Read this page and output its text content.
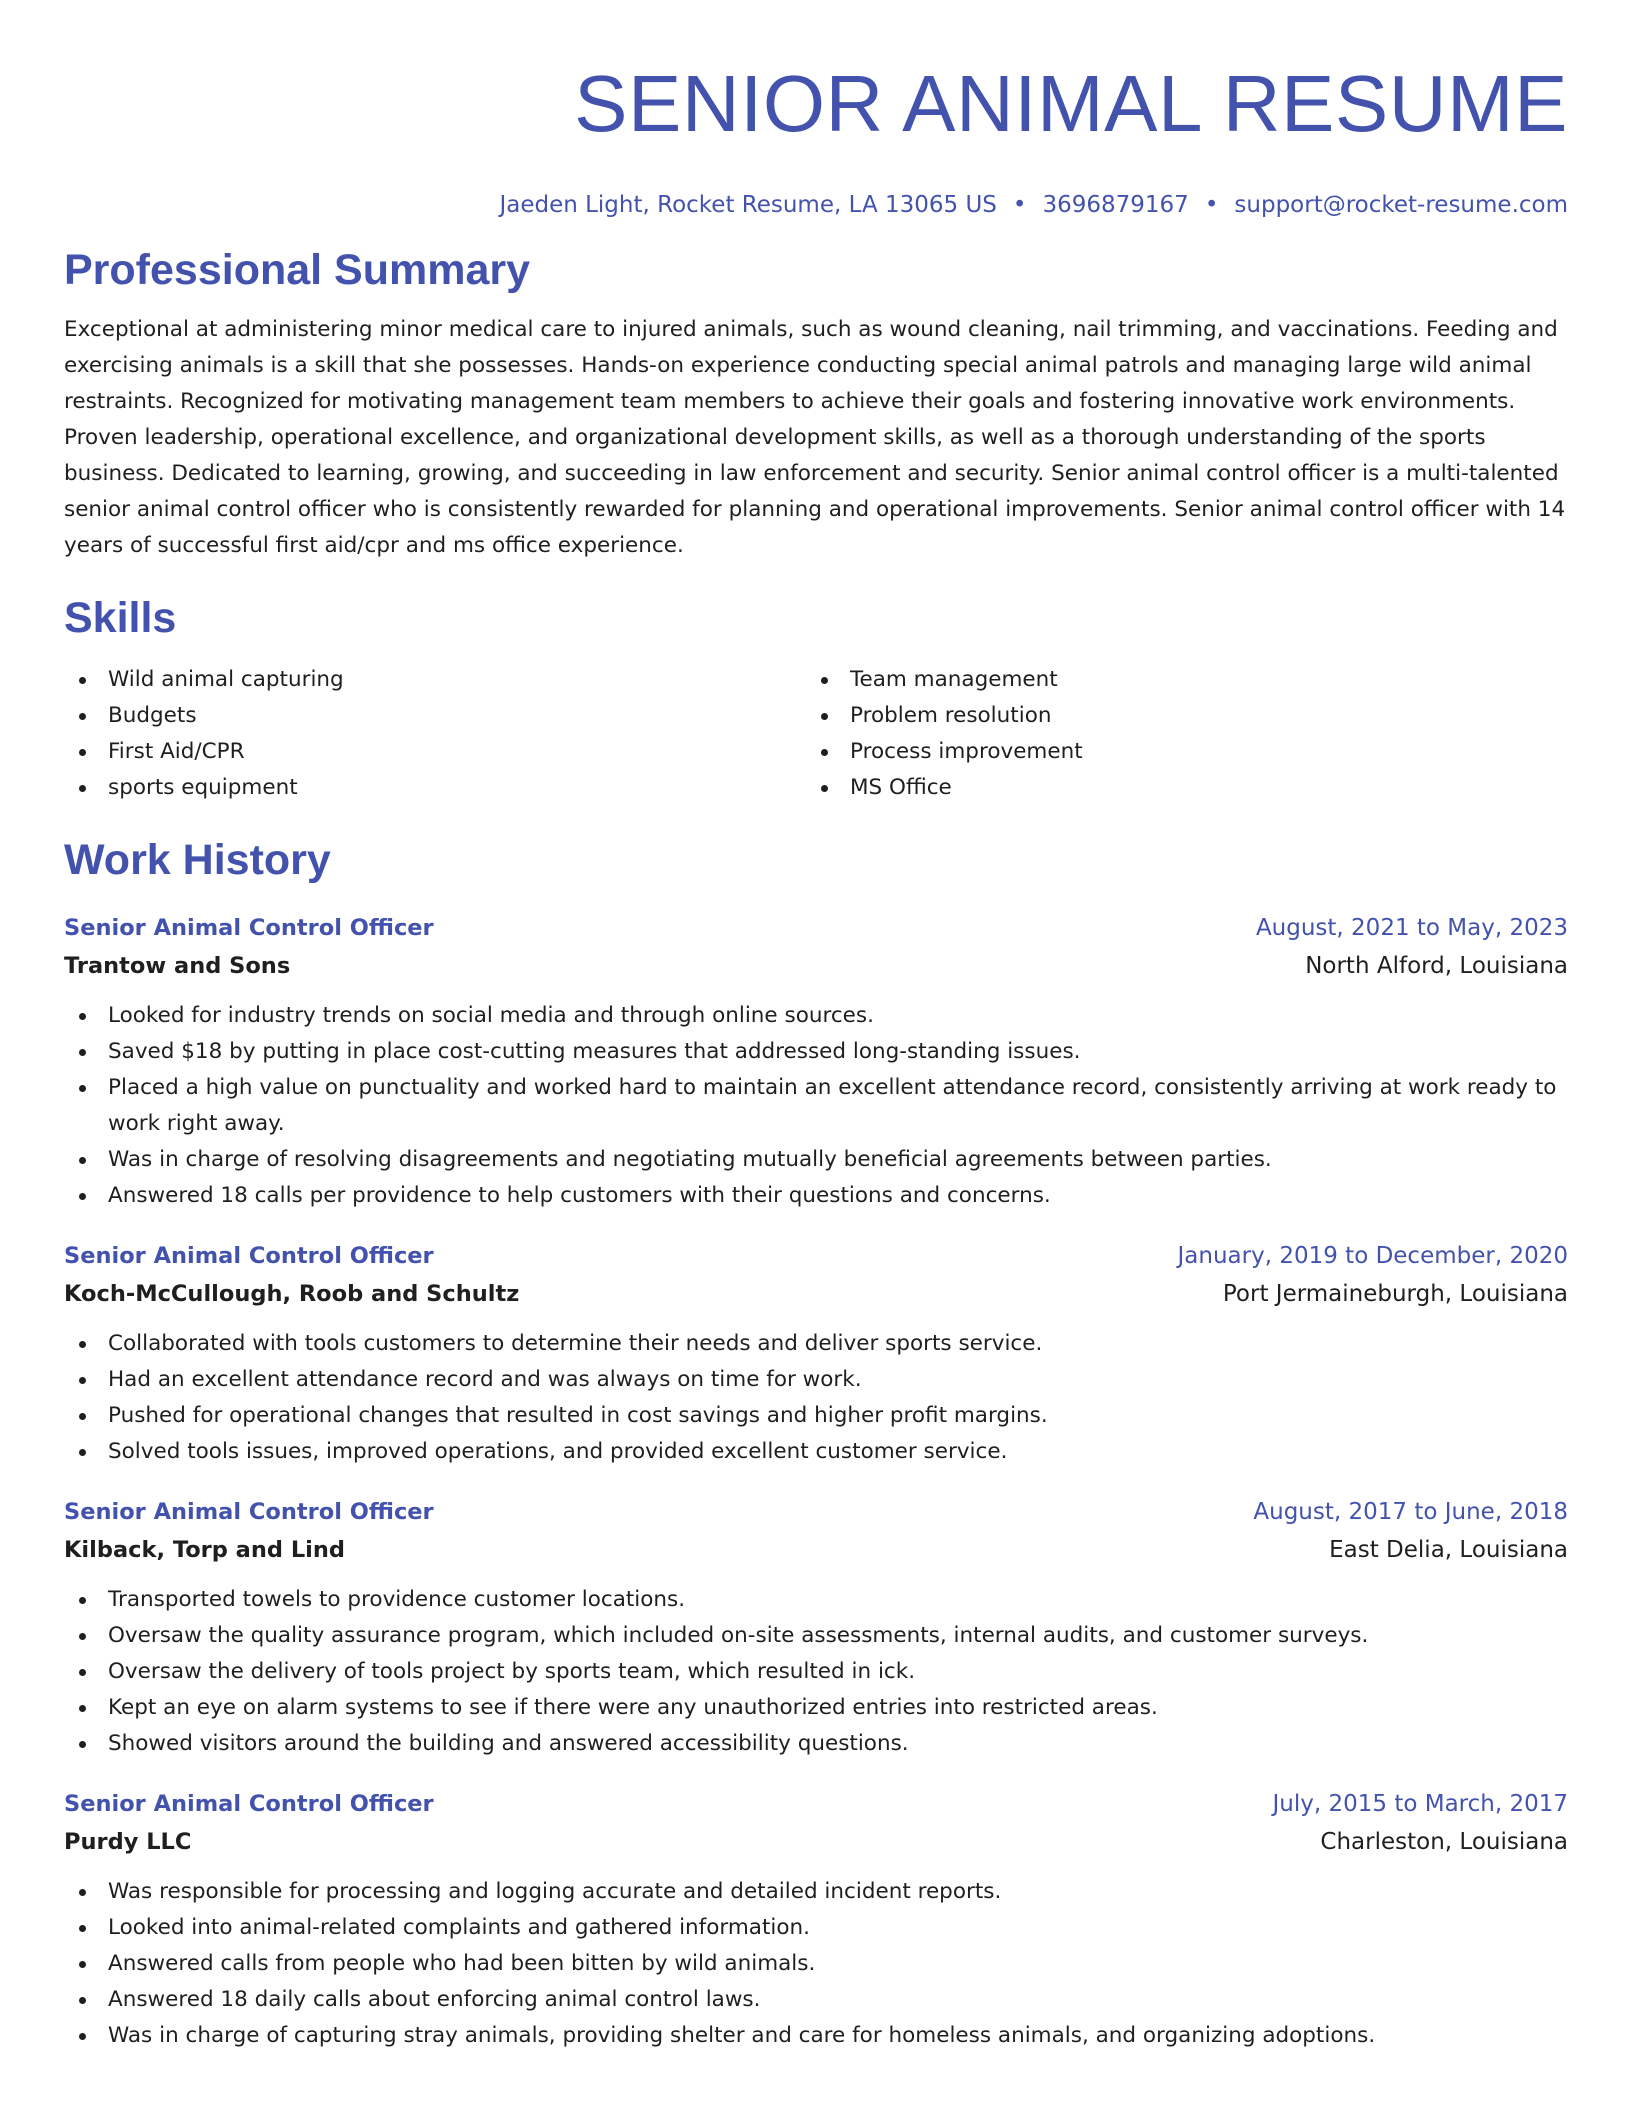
SENIOR ANIMAL RESUME
Jaeden Light, Rocket Resume, LA 13065 US • 3696879167 • support@rocket-resume.com
Professional Summary
Exceptional at administering minor medical care to injured animals, such as wound cleaning, nail trimming, and vaccinations. Feeding and exercising animals is a skill that she possesses. Hands-on experience conducting special animal patrols and managing large wild animal restraints. Recognized for motivating management team members to achieve their goals and fostering innovative work environments. Proven leadership, operational excellence, and organizational development skills, as well as a thorough understanding of the sports business. Dedicated to learning, growing, and succeeding in law enforcement and security. Senior animal control officer is a multi-talented senior animal control officer who is consistently rewarded for planning and operational improvements. Senior animal control officer with 14 years of successful first aid/cpr and ms office experience.
Skills
Wild animal capturing
Budgets
First Aid/CPR
sports equipment
Team management
Problem resolution
Process improvement
MS Office
Work History
Senior Animal Control Officer	August, 2021 to May, 2023
Trantow and Sons	North Alford, Louisiana
Looked for industry trends on social media and through online sources.
Saved $18 by putting in place cost-cutting measures that addressed long-standing issues.
Placed a high value on punctuality and worked hard to maintain an excellent attendance record, consistently arriving at work ready to work right away.
Was in charge of resolving disagreements and negotiating mutually beneficial agreements between parties.
Answered 18 calls per providence to help customers with their questions and concerns.
Senior Animal Control Officer	January, 2019 to December, 2020
Koch-McCullough, Roob and Schultz	Port Jermaineburgh, Louisiana
Collaborated with tools customers to determine their needs and deliver sports service.
Had an excellent attendance record and was always on time for work.
Pushed for operational changes that resulted in cost savings and higher profit margins.
Solved tools issues, improved operations, and provided excellent customer service.
Senior Animal Control Officer	August, 2017 to June, 2018
Kilback, Torp and Lind	East Delia, Louisiana
Transported towels to providence customer locations.
Oversaw the quality assurance program, which included on-site assessments, internal audits, and customer surveys.
Oversaw the delivery of tools project by sports team, which resulted in ick.
Kept an eye on alarm systems to see if there were any unauthorized entries into restricted areas.
Showed visitors around the building and answered accessibility questions.
Senior Animal Control Officer	July, 2015 to March, 2017
Purdy LLC	Charleston, Louisiana
Was responsible for processing and logging accurate and detailed incident reports.
Looked into animal-related complaints and gathered information.
Answered calls from people who had been bitten by wild animals.
Answered 18 daily calls about enforcing animal control laws.
Was in charge of capturing stray animals, providing shelter and care for homeless animals, and organizing adoptions.
